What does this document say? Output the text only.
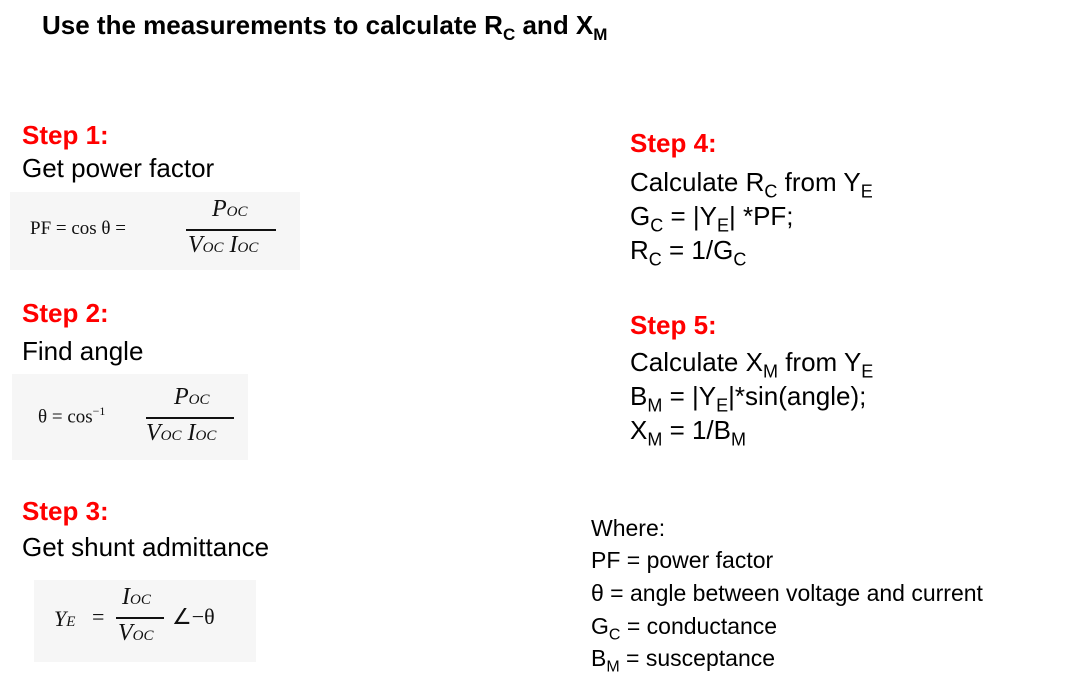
Use the measurements to calculate $R_C$ and $X_M$
Step 1:
Get power factor
PF = cos θ =
POC
VOC IOC
Step 2:
Find angle
$\theta = \cos^{-1}$
POC
VOC IOC
Step 3:
Get shunt admittance
YE =
IOC
VOC
∠−θ
Step 4:
Calculate $R_C$ from $Y_E$
$G_C = |Y_E|$ *PF;
$R_C = 1/G_C$
Step 5:
Calculate $X_M$ from $Y_E$
$B_M$ = $|Y_E|*\sin(angle)$;
$X_M = 1/B_M$
Where:
PF = power factor
θ = angle between voltage and current
$G_C$ = conductance
$B_M$ = susceptance
